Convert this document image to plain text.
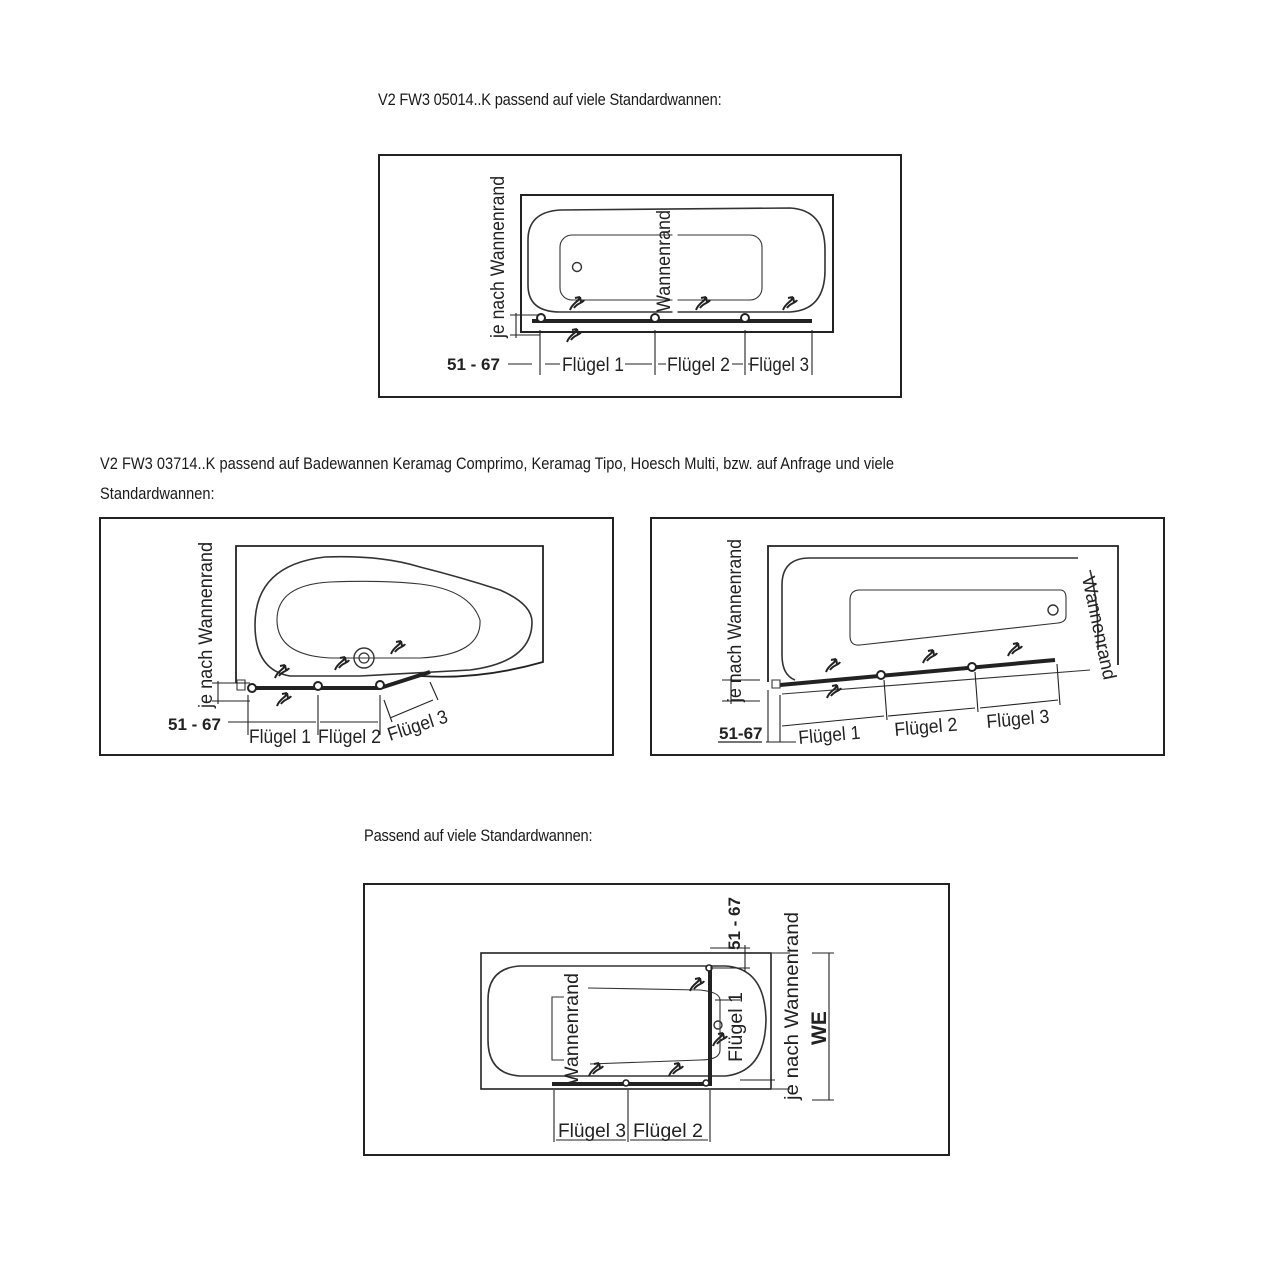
V2 FW3 05014..K passend auf viele Standardwannen:
V2 FW3 03714..K passend auf Badewannen Keramag Comprimo, Keramag Tipo, Hoesch Multi, bzw. auf Anfrage und viele
Standardwannen:
Passend auf viele Standardwannen:
51 - 67	Flügel 1 Flügel 2 Flügel 3
je nach Wannenrand	Wannenrand
51 - 67
Flügel 1 Flügel 2 Flügel 3
je nach Wannenrand
51-67 Flügel 1 Flügel 2 Flügel 3
je nach Wannenrand	Wannenrand
Flügel 3 Flügel 2
Flügel 1
Wannenrand	je nach Wannenrand
51 - 67
WE
